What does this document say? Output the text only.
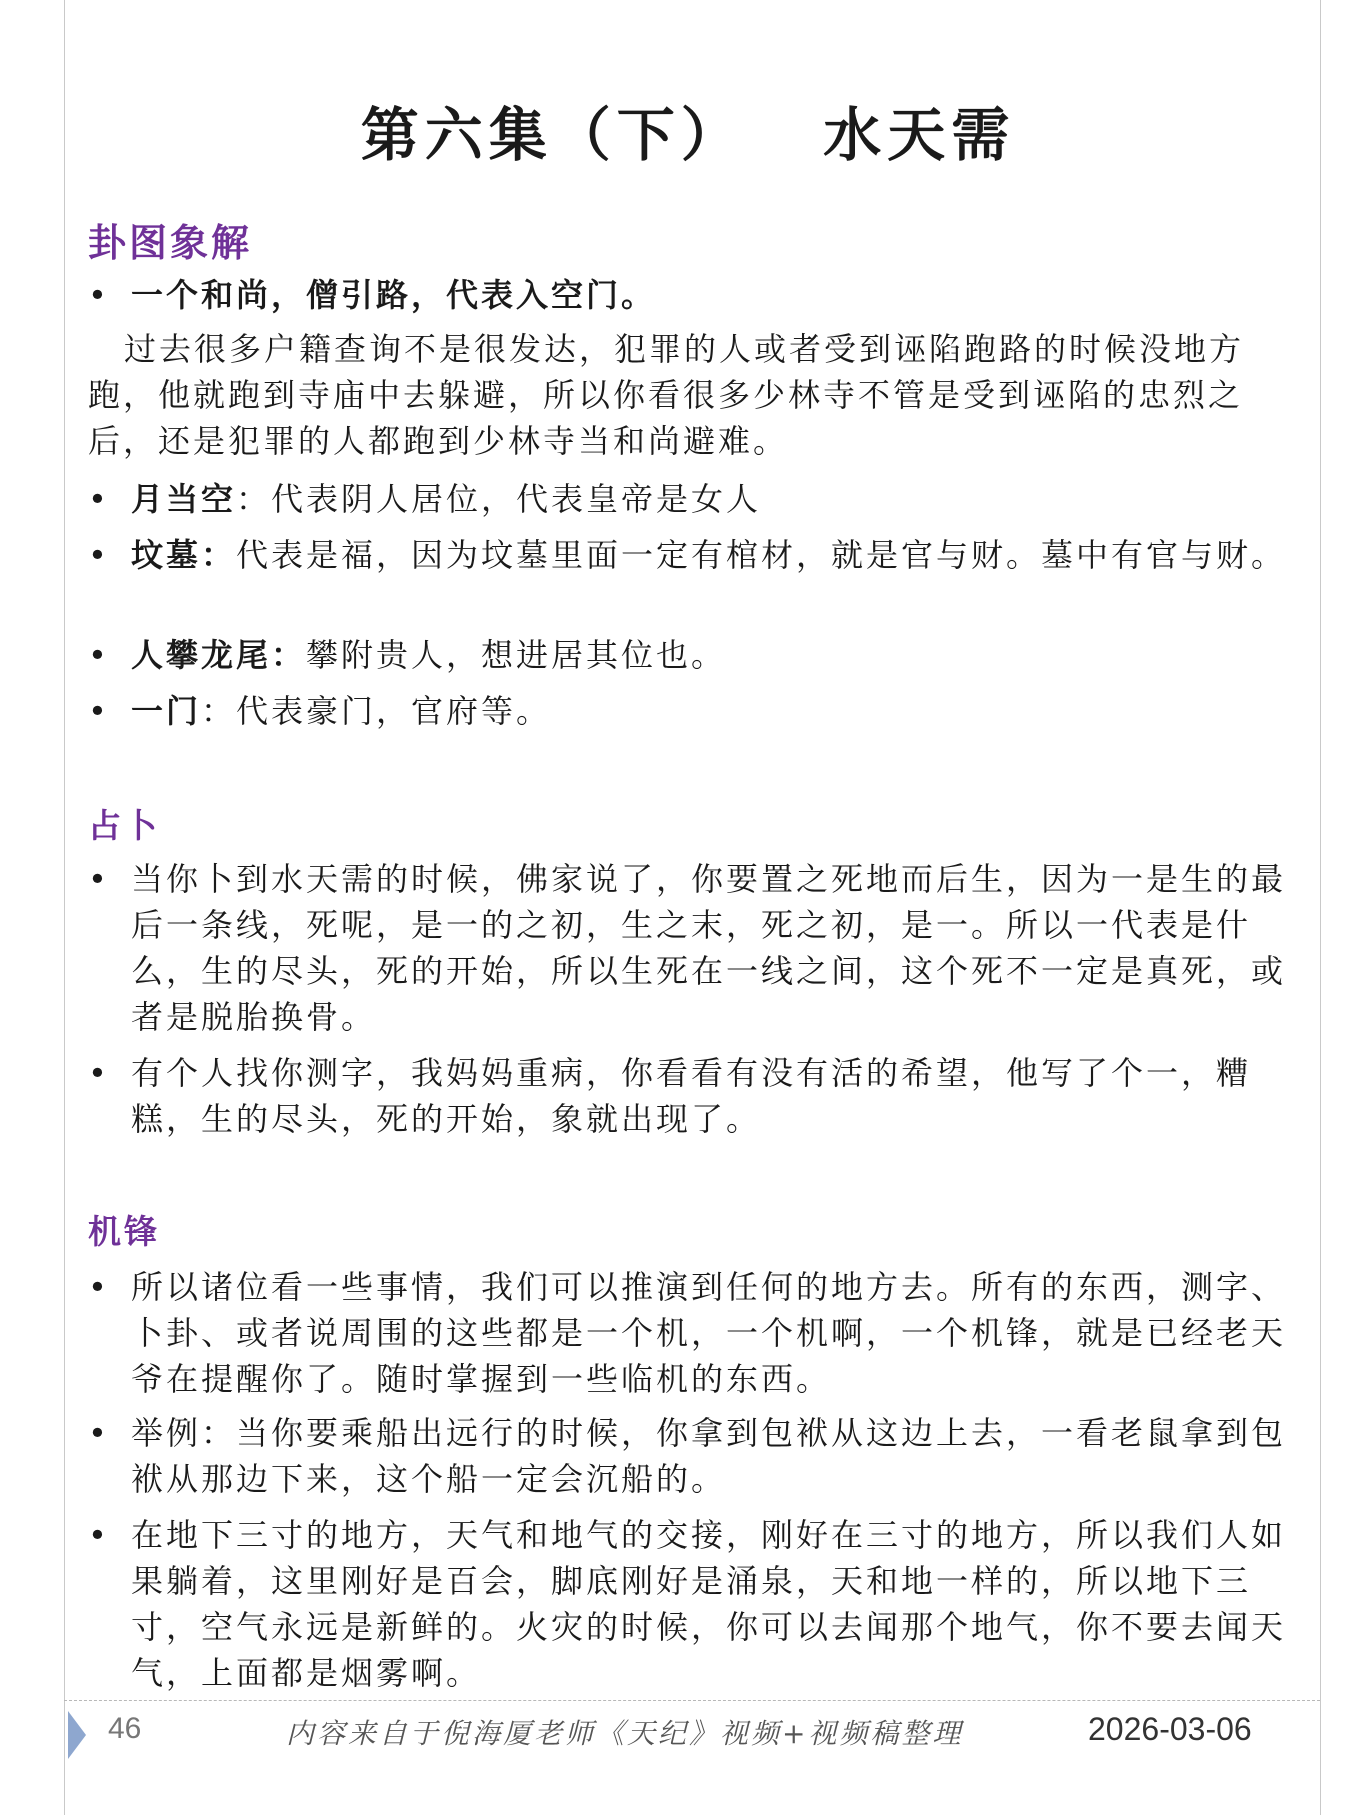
第六集（下）   水天需
卦图象解
• 一个和尚，僧引路，代表入空门。
过去很多户籍查询不是很发达，犯罪的人或者受到诬陷跑路的时候没地方跑，他就跑到寺庙中去躲避，所以你看很多少林寺不管是受到诬陷的忠烈之后，还是犯罪的人都跑到少林寺当和尚避难。
• 月当空：代表阴人居位，代表皇帝是女人
• 坟墓：代表是福，因为坟墓里面一定有棺材，就是官与财。墓中有官与财。
• 人攀龙尾：攀附贵人，想进居其位也。
• 一门：代表豪门，官府等。
占卜
• 当你卜到水天需的时候，佛家说了，你要置之死地而后生，因为一是生的最后一条线，死呢，是一的之初，生之末，死之初，是一。所以一代表是什么，生的尽头，死的开始，所以生死在一线之间，这个死不一定是真死，或者是脱胎换骨。
• 有个人找你测字，我妈妈重病，你看看有没有活的希望，他写了个一，糟糕，生的尽头，死的开始，象就出现了。
机锋
• 所以诸位看一些事情，我们可以推演到任何的地方去。所有的东西，测字、卜卦、或者说周围的这些都是一个机，一个机啊，一个机锋，就是已经老天爷在提醒你了。随时掌握到一些临机的东西。
• 举例：当你要乘船出远行的时候，你拿到包袱从这边上去，一看老鼠拿到包袱从那边下来，这个船一定会沉船的。
• 在地下三寸的地方，天气和地气的交接，刚好在三寸的地方，所以我们人如果躺着，这里刚好是百会，脚底刚好是涌泉，天和地一样的，所以地下三寸，空气永远是新鲜的。火灾的时候，你可以去闻那个地气，你不要去闻天气，上面都是烟雾啊。
46	内容来自于倪海厦老师《天纪》视频+视频稿整理	2026-03-06
